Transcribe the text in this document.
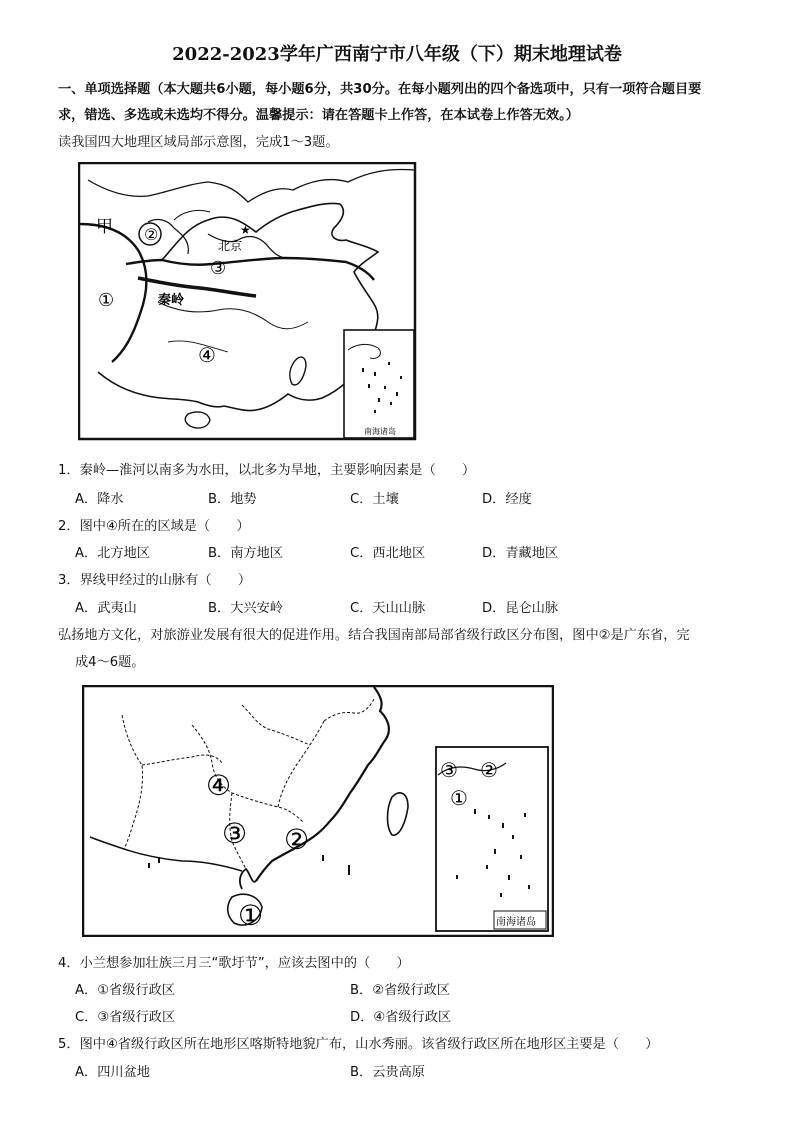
2022-2023学年广西南宁市八年级（下）期末地理试卷
一、单项选择题（本大题共6小题，每小题6分，共30分。在每小题列出的四个备选项中，只有一项符合题目要
求，错选、多选或未选均不得分。温馨提示：请在答题卡上作答，在本试卷上作答无效。）
读我国四大地理区域局部示意图，完成1～3题。
甲 ②
北京
★
③
①	秦岭
④
南海诸岛
1．秦岭—淮河以南多为水田，以北多为旱地，主要影响因素是（　　）
A．降水	B．地势	C．土壤	D．经度
2．图中④所在的区域是（　　）
A．北方地区	B．南方地区	C．西北地区	D．青藏地区
3．界线甲经过的山脉有（　　）
A．武夷山	B．大兴安岭	C．天山山脉	D．昆仑山脉
弘扬地方文化，对旅游业发展有很大的促进作用。结合我国南部局部省级行政区分布图，图中②是广东省，完
成4～6题。
④
③ ②
①
③ ②
①
南海诸岛
4．小兰想参加壮族三月三“歌圩节”，应该去图中的（　　）
A．①省级行政区	B．②省级行政区
C．③省级行政区	D．④省级行政区
5．图中④省级行政区所在地形区喀斯特地貌广布，山水秀丽。该省级行政区所在地形区主要是（　　）
A．四川盆地	B．云贵高原
